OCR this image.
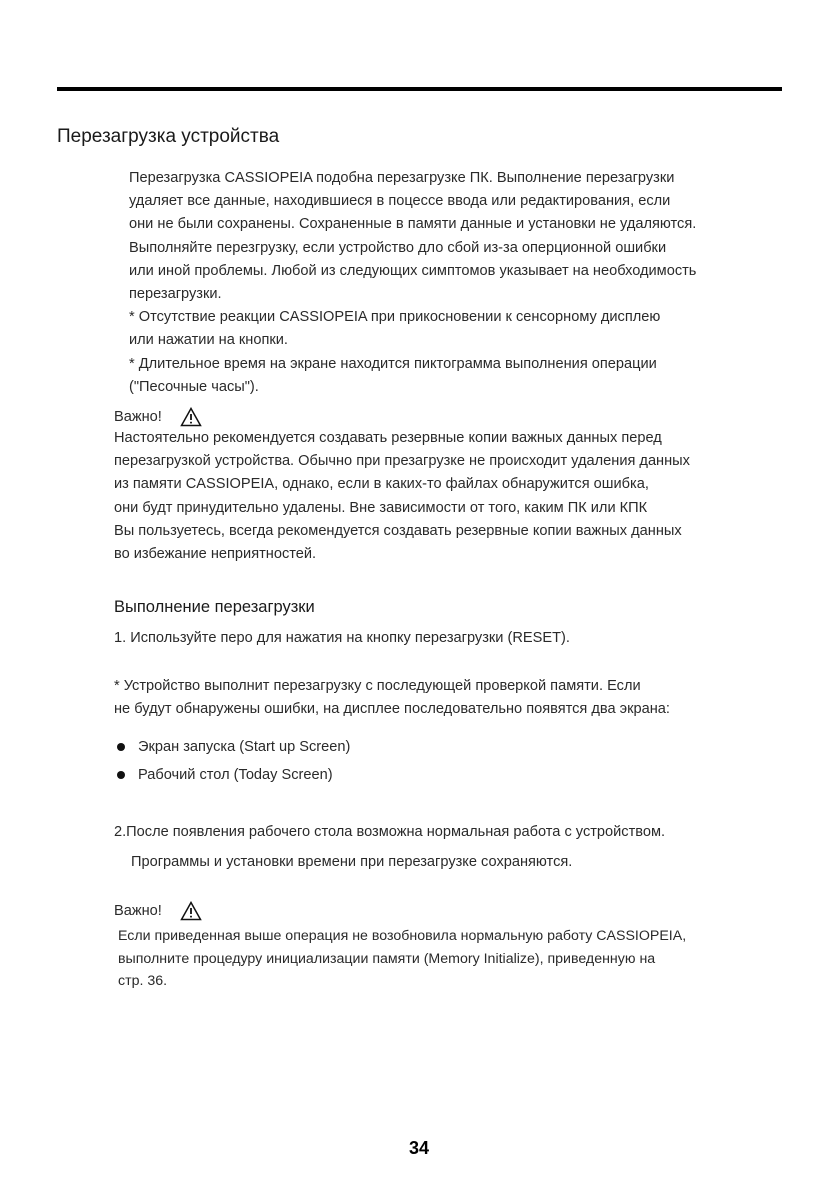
Перезагрузка устройства
Перезагрузка CASSIOPEIA подобна перезагрузке ПК. Выполнение перезагрузки
удаляет все данные, находившиеся в поцессе ввода или редактирования, если
они не были сохранены. Сохраненные в памяти данные и установки не удаляются.
Выполняйте перезгрузку, если устройство дло сбой из-за оперционной ошибки
или иной проблемы. Любой из следующих симптомов указывает на необходимость
перезагрузки.
* Отсутствие реакции CASSIOPEIA при прикосновении к сенсорному дисплею
или нажатии на кнопки.
* Длительное время на экране находится пиктограмма выполнения операции
("Песочные часы").
Важно!
Настоятельно рекомендуется создавать резервные копии важных данных перед
перезагрузкой устройства. Обычно при презагрузке не происходит удаления данных
из памяти CASSIOPEIA, однако, если в каких-то файлах обнаружится ошибка,
они будт принудительно удалены. Вне зависимости от того, каким ПК или КПК
Вы пользуетесь, всегда рекомендуется создавать резервные копии важных данных
во избежание неприятностей.
Выполнение перезагрузки
1. Используйте перо для нажатия на кнопку перезагрузки (RESET).
* Устройство выполнит перезагрузку с последующей проверкой памяти. Если
не будут обнаружены ошибки, на дисплее последовательно появятся два экрана:
Экран запуска (Start up Screen)
Рабочий стол (Today Screen)
2.После появления рабочего стола возможна нормальная работа с устройством.
Программы и установки времени при перезагрузке сохраняются.
Важно!
Если приведенная выше операция не возобновила нормальную работу CASSIOPEIA,
выполните процедуру инициализации памяти (Memory Initialize), приведенную на
стр. 36.
34
